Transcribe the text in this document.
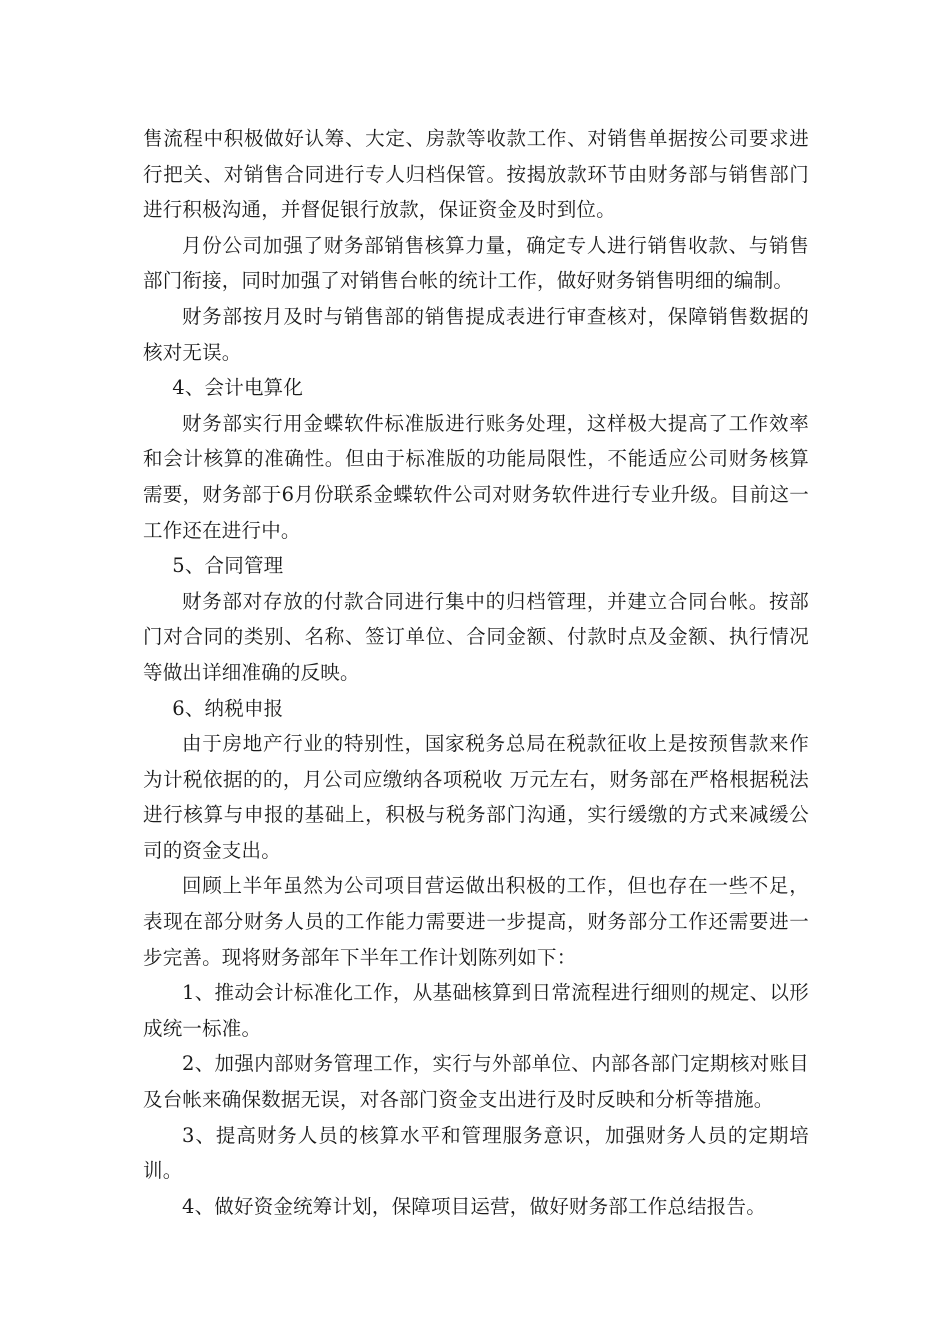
售流程中积极做好认筹、大定、房款等收款工作、对销售单据按公司要求进行把关、对销售合同进行专人归档保管。按揭放款环节由财务部与销售部门进行积极沟通，并督促银行放款，保证资金及时到位。

月份公司加强了财务部销售核算力量，确定专人进行销售收款、与销售部门衔接，同时加强了对销售台帐的统计工作，做好财务销售明细的编制。

财务部按月及时与销售部的销售提成表进行审查核对，保障销售数据的核对无误。

4、会计电算化

财务部实行用金蝶软件标准版进行账务处理，这样极大提高了工作效率和会计核算的准确性。但由于标准版的功能局限性，不能适应公司财务核算需要，财务部于6月份联系金蝶软件公司对财务软件进行专业升级。目前这一工作还在进行中。

5、合同管理

财务部对存放的付款合同进行集中的归档管理，并建立合同台帐。按部门对合同的类别、名称、签订单位、合同金额、付款时点及金额、执行情况等做出详细准确的反映。

6、纳税申报

由于房地产行业的特别性，国家税务总局在税款征收上是按预售款来作为计税依据的的，月公司应缴纳各项税收 万元左右，财务部在严格根据税法进行核算与申报的基础上，积极与税务部门沟通，实行缓缴的方式来减缓公司的资金支出。

回顾上半年虽然为公司项目营运做出积极的工作，但也存在一些不足，表现在部分财务人员的工作能力需要进一步提高，财务部分工作还需要进一步完善。现将财务部年下半年工作计划陈列如下：

1、推动会计标准化工作，从基础核算到日常流程进行细则的规定、以形成统一标准。

2、加强内部财务管理工作，实行与外部单位、内部各部门定期核对账目及台帐来确保数据无误，对各部门资金支出进行及时反映和分析等措施。

3、提高财务人员的核算水平和管理服务意识，加强财务人员的定期培训。

4、做好资金统筹计划，保障项目运营，做好财务部工作总结报告。
